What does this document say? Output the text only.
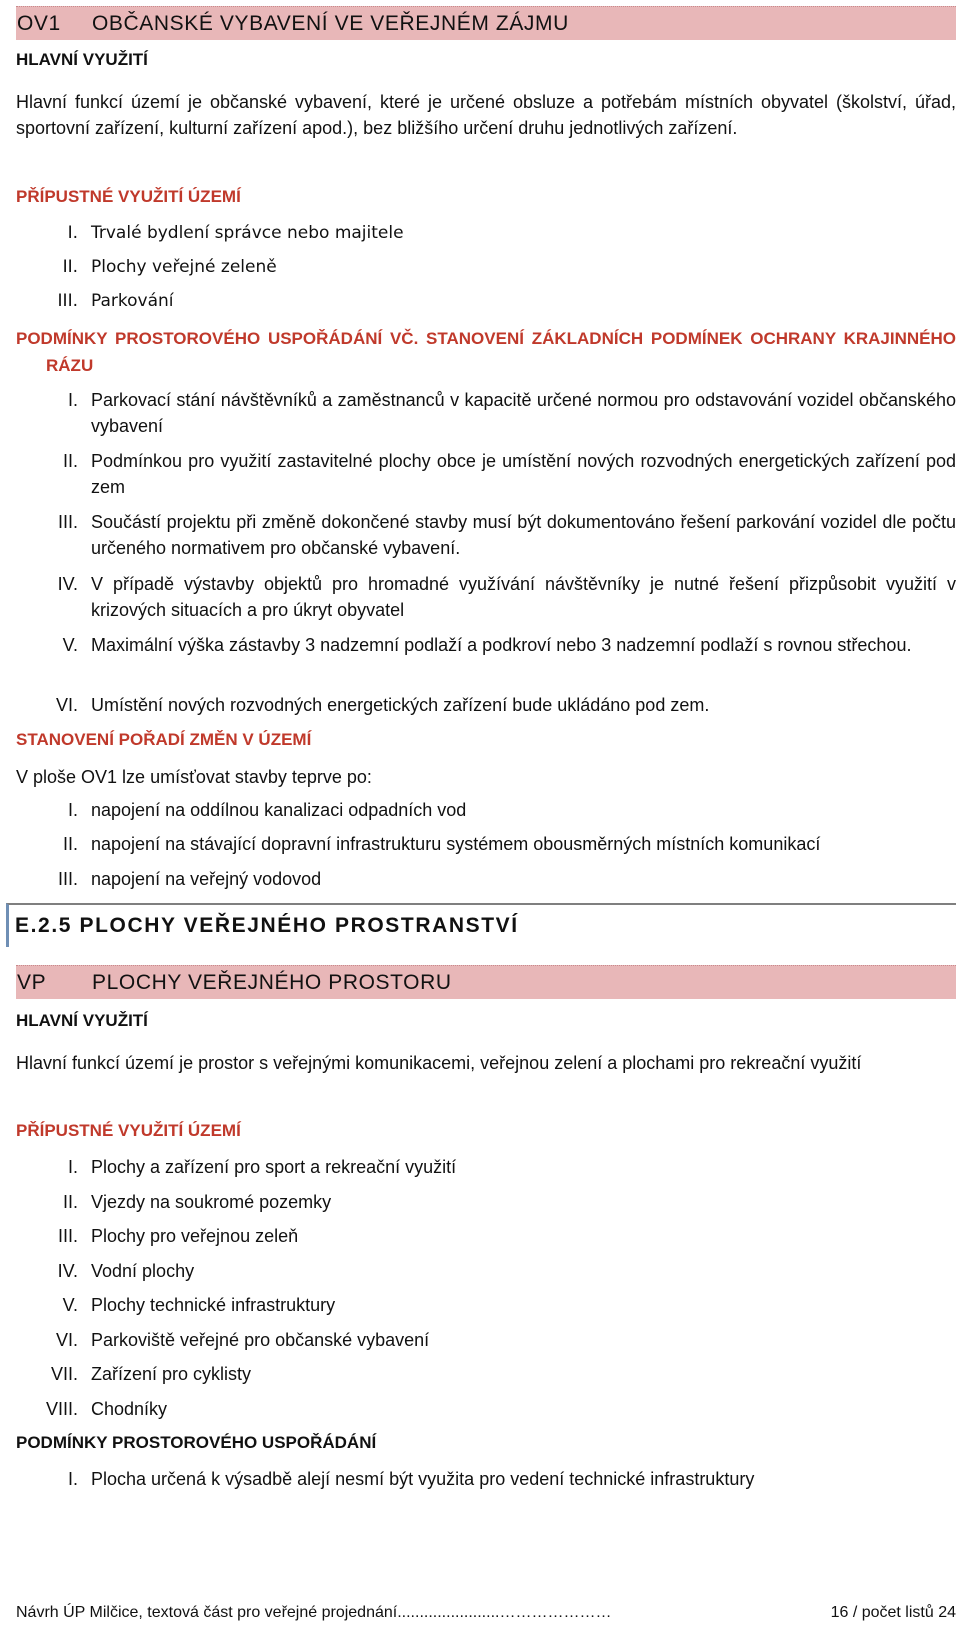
OV1	OBČANSKÉ VYBAVENÍ VE VEŘEJNÉM ZÁJMU
HLAVNÍ VYUŽITÍ
Hlavní funkcí území je občanské vybavení, které je určené obsluze a potřebám místních obyvatel (školství, úřad, sportovní zařízení, kulturní zařízení apod.), bez bližšího určení druhu jednotlivých zařízení.
PŘÍPUSTNÉ VYUŽITÍ ÚZEMÍ
I. Trvalé bydlení správce nebo majitele
II. Plochy veřejné zeleně
III. Parkování
PODMÍNKY PROSTOROVÉHO USPOŘÁDÁNÍ VČ. STANOVENÍ ZÁKLADNÍCH PODMÍNEK OCHRANY KRAJINNÉHO RÁZU
I. Parkovací stání návštěvníků a zaměstnanců v kapacitě určené normou pro odstavování vozidel občanského vybavení
II. Podmínkou pro využití zastavitelné plochy obce je umístění nových rozvodných energetických zařízení pod zem
III. Součástí projektu při změně dokončené stavby musí být dokumentováno řešení parkování vozidel dle počtu určeného normativem pro občanské vybavení.
IV. V případě výstavby objektů pro hromadné využívání návštěvníky je nutné řešení přizpůsobit využití v krizových situacích a pro úkryt obyvatel
V. Maximální výška zástavby 3 nadzemní podlaží a podkroví nebo 3 nadzemní podlaží s rovnou střechou.
VI. Umístění nových rozvodných energetických zařízení bude ukládáno pod zem.
STANOVENÍ POŘADÍ ZMĚN V ÚZEMÍ
V ploše OV1 lze umísťovat stavby teprve po:
I. napojení na oddílnou kanalizaci odpadních vod
II. napojení na stávající dopravní infrastrukturu systémem obousměrných místních komunikací
III. napojení na veřejný vodovod
E.2.5 PLOCHY VEŘEJNÉHO PROSTRANSTVÍ
VP	PLOCHY VEŘEJNÉHO PROSTORU
HLAVNÍ VYUŽITÍ
Hlavní funkcí území je prostor s veřejnými komunikacemi, veřejnou zelení a plochami pro rekreační využití
PŘÍPUSTNÉ VYUŽITÍ ÚZEMÍ
I. Plochy a zařízení pro sport a rekreační využití
II. Vjezdy na soukromé pozemky
III. Plochy pro veřejnou zeleň
IV. Vodní plochy
V. Plochy technické infrastruktury
VI. Parkoviště veřejné pro občanské vybavení
VII. Zařízení pro cyklisty
VIII. Chodníky
PODMÍNKY PROSTOROVÉHO USPOŘÁDÁNÍ
I. Plocha určená k výsadbě alejí nesmí být využita pro vedení technické infrastruktury
Návrh ÚP Milčice, textová část pro veřejné projednání.......................…………………	16 / počet listů 24
